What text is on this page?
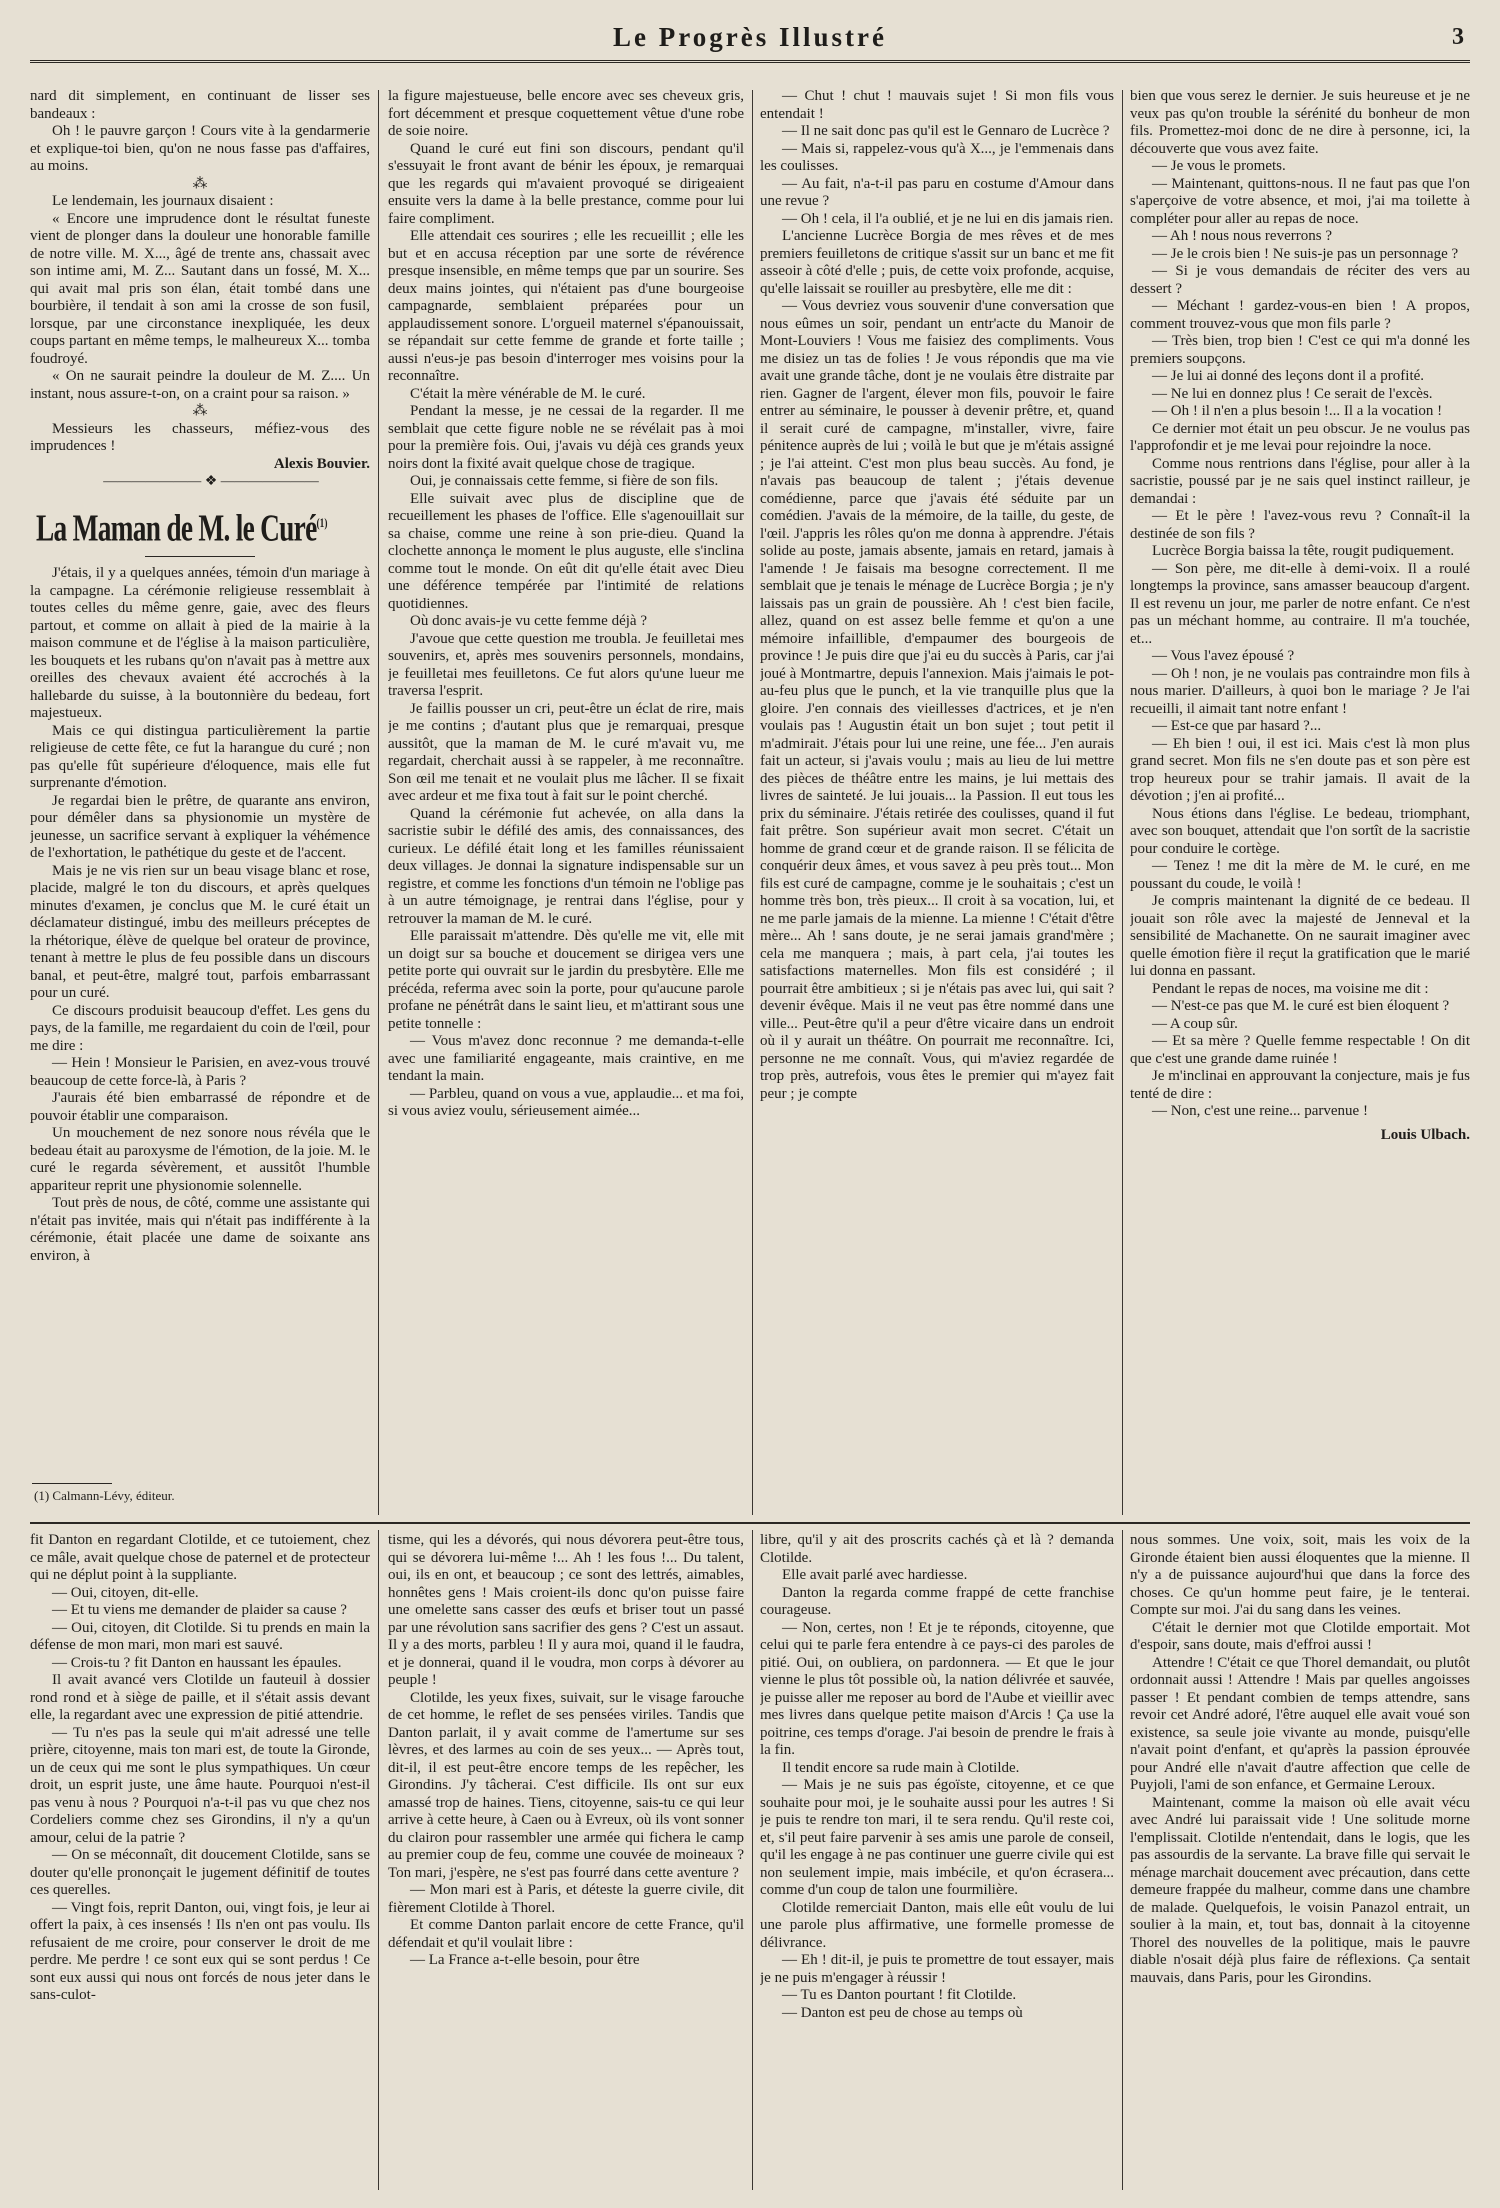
Le Progrès Illustré	3

nard dit simplement, en continuant de lisser ses bandeaux :

Oh ! le pauvre garçon ! Cours vite à la gendarmerie et explique-toi bien, qu'on ne nous fasse pas d'affaires, au moins.

⁂

Le lendemain, les journaux disaient :

« Encore une imprudence dont le résultat funeste vient de plonger dans la douleur une honorable famille de notre ville. M. X..., âgé de trente ans, chassait avec son intime ami, M. Z... Sautant dans un fossé, M. X... qui avait mal pris son élan, était tombé dans une bourbière, il tendait à son ami la crosse de son fusil, lorsque, par une circonstance inexpliquée, les deux coups partant en même temps, le malheureux X... tomba foudroyé.

« On ne saurait peindre la douleur de M. Z.... Un instant, nous assure-t-on, on a craint pour sa raison. »

⁂

Messieurs les chasseurs, méfiez-vous des imprudences !

Alexis Bouvier.

——————— ❖ ———————

La Maman de M. le Curé$^{(1)}$

J'étais, il y a quelques années, témoin d'un mariage à la campagne. La cérémonie religieuse ressemblait à toutes celles du même genre, gaie, avec des fleurs partout, et comme on allait à pied de la mairie à la maison commune et de l'église à la maison particulière, les bouquets et les rubans qu'on n'avait pas à mettre aux oreilles des chevaux avaient été accrochés à la hallebarde du suisse, à la boutonnière du bedeau, fort majestueux.

Mais ce qui distingua particulièrement la partie religieuse de cette fête, ce fut la harangue du curé ; non pas qu'elle fût supérieure d'éloquence, mais elle fut surprenante d'émotion.

Je regardai bien le prêtre, de quarante ans environ, pour démêler dans sa physionomie un mystère de jeunesse, un sacrifice servant à expliquer la véhémence de l'exhortation, le pathétique du geste et de l'accent.

Mais je ne vis rien sur un beau visage blanc et rose, placide, malgré le ton du discours, et après quelques minutes d'examen, je conclus que M. le curé était un déclamateur distingué, imbu des meilleurs préceptes de la rhétorique, élève de quelque bel orateur de province, tenant à mettre le plus de feu possible dans un discours banal, et peut-être, malgré tout, parfois embarrassant pour un curé.

Ce discours produisit beaucoup d'effet. Les gens du pays, de la famille, me regardaient du coin de l'œil, pour me dire :

— Hein ! Monsieur le Parisien, en avez-vous trouvé beaucoup de cette force-là, à Paris ?

J'aurais été bien embarrassé de répondre et de pouvoir établir une comparaison.

Un mouchement de nez sonore nous révéla que le bedeau était au paroxysme de l'émotion, de la joie. M. le curé le regarda sévèrement, et aussitôt l'humble appariteur reprit une physionomie solennelle.

Tout près de nous, de côté, comme une assistante qui n'était pas invitée, mais qui n'était pas indifférente à la cérémonie, était placée une dame de soixante ans environ, à

(1) Calmann-Lévy, éditeur.

la figure majestueuse, belle encore avec ses cheveux gris, fort décemment et presque coquettement vêtue d'une robe de soie noire.

Quand le curé eut fini son discours, pendant qu'il s'essuyait le front avant de bénir les époux, je remarquai que les regards qui m'avaient provoqué se dirigeaient ensuite vers la dame à la belle prestance, comme pour lui faire compliment.

Elle attendait ces sourires ; elle les recueillit ; elle les but et en accusa réception par une sorte de révérence presque insensible, en même temps que par un sourire. Ses deux mains jointes, qui n'étaient pas d'une bourgeoise campagnarde, semblaient préparées pour un applaudissement sonore. L'orgueil maternel s'épanouissait, se répandait sur cette femme de grande et forte taille ; aussi n'eus-je pas besoin d'interroger mes voisins pour la reconnaître.

C'était la mère vénérable de M. le curé.

Pendant la messe, je ne cessai de la regarder. Il me semblait que cette figure noble ne se révélait pas à moi pour la première fois. Oui, j'avais vu déjà ces grands yeux noirs dont la fixité avait quelque chose de tragique.

Oui, je connaissais cette femme, si fière de son fils.

Elle suivait avec plus de discipline que de recueillement les phases de l'office. Elle s'agenouillait sur sa chaise, comme une reine à son prie-dieu. Quand la clochette annonça le moment le plus auguste, elle s'inclina comme tout le monde. On eût dit qu'elle était avec Dieu une déférence tempérée par l'intimité de relations quotidiennes.

Où donc avais-je vu cette femme déjà ?

J'avoue que cette question me troubla. Je feuilletai mes souvenirs, et, après mes souvenirs personnels, mondains, je feuilletai mes feuilletons. Ce fut alors qu'une lueur me traversa l'esprit.

Je faillis pousser un cri, peut-être un éclat de rire, mais je me contins ; d'autant plus que je remarquai, presque aussitôt, que la maman de M. le curé m'avait vu, me regardait, cherchait aussi à se rappeler, à me reconnaître. Son œil me tenait et ne voulait plus me lâcher. Il se fixait avec ardeur et me fixa tout à fait sur le point cherché.

Quand la cérémonie fut achevée, on alla dans la sacristie subir le défilé des amis, des connaissances, des curieux. Le défilé était long et les familles réunissaient deux villages. Je donnai la signature indispensable sur un registre, et comme les fonctions d'un témoin ne l'oblige pas à un autre témoignage, je rentrai dans l'église, pour y retrouver la maman de M. le curé.

Elle paraissait m'attendre. Dès qu'elle me vit, elle mit un doigt sur sa bouche et doucement se dirigea vers une petite porte qui ouvrait sur le jardin du presbytère. Elle me précéda, referma avec soin la porte, pour qu'aucune parole profane ne pénétrât dans le saint lieu, et m'attirant sous une petite tonnelle :

— Vous m'avez donc reconnue ? me demanda-t-elle avec une familiarité engageante, mais craintive, en me tendant la main.

— Parbleu, quand on vous a vue, applaudie... et ma foi, si vous aviez voulu, sérieusement aimée...

— Chut ! chut ! mauvais sujet ! Si mon fils vous entendait !

— Il ne sait donc pas qu'il est le Gennaro de Lucrèce ?

— Mais si, rappelez-vous qu'à X..., je l'emmenais dans les coulisses.

— Au fait, n'a-t-il pas paru en costume d'Amour dans une revue ?

— Oh ! cela, il l'a oublié, et je ne lui en dis jamais rien.

L'ancienne Lucrèce Borgia de mes rêves et de mes premiers feuilletons de critique s'assit sur un banc et me fit asseoir à côté d'elle ; puis, de cette voix profonde, acquise, qu'elle laissait se rouiller au presbytère, elle me dit :

— Vous devriez vous souvenir d'une conversation que nous eûmes un soir, pendant un entr'acte du Manoir de Mont-Louviers ! Vous me faisiez des compliments. Vous me disiez un tas de folies ! Je vous répondis que ma vie avait une grande tâche, dont je ne voulais être distraite par rien. Gagner de l'argent, élever mon fils, pouvoir le faire entrer au séminaire, le pousser à devenir prêtre, et, quand il serait curé de campagne, m'installer, vivre, faire pénitence auprès de lui ; voilà le but que je m'étais assigné ; je l'ai atteint. C'est mon plus beau succès. Au fond, je n'avais pas beaucoup de talent ; j'étais devenue comédienne, parce que j'avais été séduite par un comédien. J'avais de la mémoire, de la taille, du geste, de l'œil. J'appris les rôles qu'on me donna à apprendre. J'étais solide au poste, jamais absente, jamais en retard, jamais à l'amende ! Je faisais ma besogne correctement. Il me semblait que je tenais le ménage de Lucrèce Borgia ; je n'y laissais pas un grain de poussière. Ah ! c'est bien facile, allez, quand on est assez belle femme et qu'on a une mémoire infaillible, d'empaumer des bourgeois de province ! Je puis dire que j'ai eu du succès à Paris, car j'ai joué à Montmartre, depuis l'annexion. Mais j'aimais le pot-au-feu plus que le punch, et la vie tranquille plus que la gloire. J'en connais des vieillesses d'actrices, et je n'en voulais pas ! Augustin était un bon sujet ; tout petit il m'admirait. J'étais pour lui une reine, une fée... J'en aurais fait un acteur, si j'avais voulu ; mais au lieu de lui mettre des pièces de théâtre entre les mains, je lui mettais des livres de sainteté. Je lui jouais... la Passion. Il eut tous les prix du séminaire. J'étais retirée des coulisses, quand il fut fait prêtre. Son supérieur avait mon secret. C'était un homme de grand cœur et de grande raison. Il se félicita de conquérir deux âmes, et vous savez à peu près tout... Mon fils est curé de campagne, comme je le souhaitais ; c'est un homme très bon, très pieux... Il croit à sa vocation, lui, et ne me parle jamais de la mienne. La mienne ! C'était d'être mère... Ah ! sans doute, je ne serai jamais grand'mère ; cela me manquera ; mais, à part cela, j'ai toutes les satisfactions maternelles. Mon fils est considéré ; il pourrait être ambitieux ; si je n'étais pas avec lui, qui sait ? devenir évêque. Mais il ne veut pas être nommé dans une ville... Peut-être qu'il a peur d'être vicaire dans un endroit où il y aurait un théâtre. On pourrait me reconnaître. Ici, personne ne me connaît. Vous, qui m'aviez regardée de trop près, autrefois, vous êtes le premier qui m'ayez fait peur ; je compte

bien que vous serez le dernier. Je suis heureuse et je ne veux pas qu'on trouble la sérénité du bonheur de mon fils. Promettez-moi donc de ne dire à personne, ici, la découverte que vous avez faite.

— Je vous le promets.

— Maintenant, quittons-nous. Il ne faut pas que l'on s'aperçoive de votre absence, et moi, j'ai ma toilette à compléter pour aller au repas de noce.

— Ah ! nous nous reverrons ?

— Je le crois bien ! Ne suis-je pas un personnage ?

— Si je vous demandais de réciter des vers au dessert ?

— Méchant ! gardez-vous-en bien ! A propos, comment trouvez-vous que mon fils parle ?

— Très bien, trop bien ! C'est ce qui m'a donné les premiers soupçons.

— Je lui ai donné des leçons dont il a profité.

— Ne lui en donnez plus ! Ce serait de l'excès.

— Oh ! il n'en a plus besoin !... Il a la vocation !

Ce dernier mot était un peu obscur. Je ne voulus pas l'approfondir et je me levai pour rejoindre la noce.

Comme nous rentrions dans l'église, pour aller à la sacristie, poussé par je ne sais quel instinct railleur, je demandai :

— Et le père ! l'avez-vous revu ? Connaît-il la destinée de son fils ?

Lucrèce Borgia baissa la tête, rougit pudiquement.

— Son père, me dit-elle à demi-voix. Il a roulé longtemps la province, sans amasser beaucoup d'argent. Il est revenu un jour, me parler de notre enfant. Ce n'est pas un méchant homme, au contraire. Il m'a touchée, et...

— Vous l'avez épousé ?

— Oh ! non, je ne voulais pas contraindre mon fils à nous marier. D'ailleurs, à quoi bon le mariage ? Je l'ai recueilli, il aimait tant notre enfant !

— Est-ce que par hasard ?...

— Eh bien ! oui, il est ici. Mais c'est là mon plus grand secret. Mon fils ne s'en doute pas et son père est trop heureux pour se trahir jamais. Il avait de la dévotion ; j'en ai profité...

Nous étions dans l'église. Le bedeau, triomphant, avec son bouquet, attendait que l'on sortît de la sacristie pour conduire le cortège.

— Tenez ! me dit la mère de M. le curé, en me poussant du coude, le voilà !

Je compris maintenant la dignité de ce bedeau. Il jouait son rôle avec la majesté de Jenneval et la sensibilité de Machanette. On ne saurait imaginer avec quelle émotion fière il reçut la gratification que le marié lui donna en passant.

Pendant le repas de noces, ma voisine me dit :

— N'est-ce pas que M. le curé est bien éloquent ?

— A coup sûr.

— Et sa mère ? Quelle femme respectable ! On dit que c'est une grande dame ruinée !

Je m'inclinai en approuvant la conjecture, mais je fus tenté de dire :

— Non, c'est une reine... parvenue !

Louis Ulbach.

fit Danton en regardant Clotilde, et ce tutoiement, chez ce mâle, avait quelque chose de paternel et de protecteur qui ne déplut point à la suppliante.

— Oui, citoyen, dit-elle.

— Et tu viens me demander de plaider sa cause ?

— Oui, citoyen, dit Clotilde. Si tu prends en main la défense de mon mari, mon mari est sauvé.

— Crois-tu ? fit Danton en haussant les épaules.

Il avait avancé vers Clotilde un fauteuil à dossier rond rond et à siège de paille, et il s'était assis devant elle, la regardant avec une expression de pitié attendrie.

— Tu n'es pas la seule qui m'ait adressé une telle prière, citoyenne, mais ton mari est, de toute la Gironde, un de ceux qui me sont le plus sympathiques. Un cœur droit, un esprit juste, une âme haute. Pourquoi n'est-il pas venu à nous ? Pourquoi n'a-t-il pas vu que chez nos Cordeliers comme chez ses Girondins, il n'y a qu'un amour, celui de la patrie ?

— On se méconnaît, dit doucement Clotilde, sans se douter qu'elle prononçait le jugement définitif de toutes ces querelles.

— Vingt fois, reprit Danton, oui, vingt fois, je leur ai offert la paix, à ces insensés ! Ils n'en ont pas voulu. Ils refusaient de me croire, pour conserver le droit de me perdre. Me perdre ! ce sont eux qui se sont perdus ! Ce sont eux aussi qui nous ont forcés de nous jeter dans le sans-culot-

tisme, qui les a dévorés, qui nous dévorera peut-être tous, qui se dévorera lui-même !... Ah ! les fous !... Du talent, oui, ils en ont, et beaucoup ; ce sont des lettrés, aimables, honnêtes gens ! Mais croient-ils donc qu'on puisse faire une omelette sans casser des œufs et briser tout un passé par une révolution sans sacrifier des gens ? C'est un assaut. Il y a des morts, parbleu ! Il y aura moi, quand il le faudra, et je donnerai, quand il le voudra, mon corps à dévorer au peuple !

Clotilde, les yeux fixes, suivait, sur le visage farouche de cet homme, le reflet de ses pensées viriles. Tandis que Danton parlait, il y avait comme de l'amertume sur ses lèvres, et des larmes au coin de ses yeux... — Après tout, dit-il, il est peut-être encore temps de les repêcher, les Girondins. J'y tâcherai. C'est difficile. Ils ont sur eux amassé trop de haines. Tiens, citoyenne, sais-tu ce qui leur arrive à cette heure, à Caen ou à Evreux, où ils vont sonner du clairon pour rassembler une armée qui fichera le camp au premier coup de feu, comme une couvée de moineaux ? Ton mari, j'espère, ne s'est pas fourré dans cette aventure ?

— Mon mari est à Paris, et déteste la guerre civile, dit fièrement Clotilde à Thorel.

Et comme Danton parlait encore de cette France, qu'il défendait et qu'il voulait libre :

— La France a-t-elle besoin, pour être

libre, qu'il y ait des proscrits cachés çà et là ? demanda Clotilde.

Elle avait parlé avec hardiesse.

Danton la regarda comme frappé de cette franchise courageuse.

— Non, certes, non ! Et je te réponds, citoyenne, que celui qui te parle fera entendre à ce pays-ci des paroles de pitié. Oui, on oubliera, on pardonnera. — Et que le jour vienne le plus tôt possible où, la nation délivrée et sauvée, je puisse aller me reposer au bord de l'Aube et vieillir avec mes livres dans quelque petite maison d'Arcis ! Ça use la poitrine, ces temps d'orage. J'ai besoin de prendre le frais à la fin.

Il tendit encore sa rude main à Clotilde.

— Mais je ne suis pas égoïste, citoyenne, et ce que souhaite pour moi, je le souhaite aussi pour les autres ! Si je puis te rendre ton mari, il te sera rendu. Qu'il reste coi, et, s'il peut faire parvenir à ses amis une parole de conseil, qu'il les engage à ne pas continuer une guerre civile qui est non seulement impie, mais imbécile, et qu'on écrasera... comme d'un coup de talon une fourmilière.

Clotilde remerciait Danton, mais elle eût voulu de lui une parole plus affirmative, une formelle promesse de délivrance.

— Eh ! dit-il, je puis te promettre de tout essayer, mais je ne puis m'engager à réussir !

— Tu es Danton pourtant ! fit Clotilde.

— Danton est peu de chose au temps où

nous sommes. Une voix, soit, mais les voix de la Gironde étaient bien aussi éloquentes que la mienne. Il n'y a de puissance aujourd'hui que dans la force des choses. Ce qu'un homme peut faire, je le tenterai. Compte sur moi. J'ai du sang dans les veines.

C'était le dernier mot que Clotilde emportait. Mot d'espoir, sans doute, mais d'effroi aussi !

Attendre ! C'était ce que Thorel demandait, ou plutôt ordonnait aussi ! Attendre ! Mais par quelles angoisses passer ! Et pendant combien de temps attendre, sans revoir cet André adoré, l'être auquel elle avait voué son existence, sa seule joie vivante au monde, puisqu'elle n'avait point d'enfant, et qu'après la passion éprouvée pour André elle n'avait d'autre affection que celle de Puyjoli, l'ami de son enfance, et Germaine Leroux.

Maintenant, comme la maison où elle avait vécu avec André lui paraissait vide ! Une solitude morne l'emplissait. Clotilde n'entendait, dans le logis, que les pas assourdis de la servante. La brave fille qui servait le ménage marchait doucement avec précaution, dans cette demeure frappée du malheur, comme dans une chambre de malade. Quelquefois, le voisin Panazol entrait, un soulier à la main, et, tout bas, donnait à la citoyenne Thorel des nouvelles de la politique, mais le pauvre diable n'osait déjà plus faire de réflexions. Ça sentait mauvais, dans Paris, pour les Girondins.
